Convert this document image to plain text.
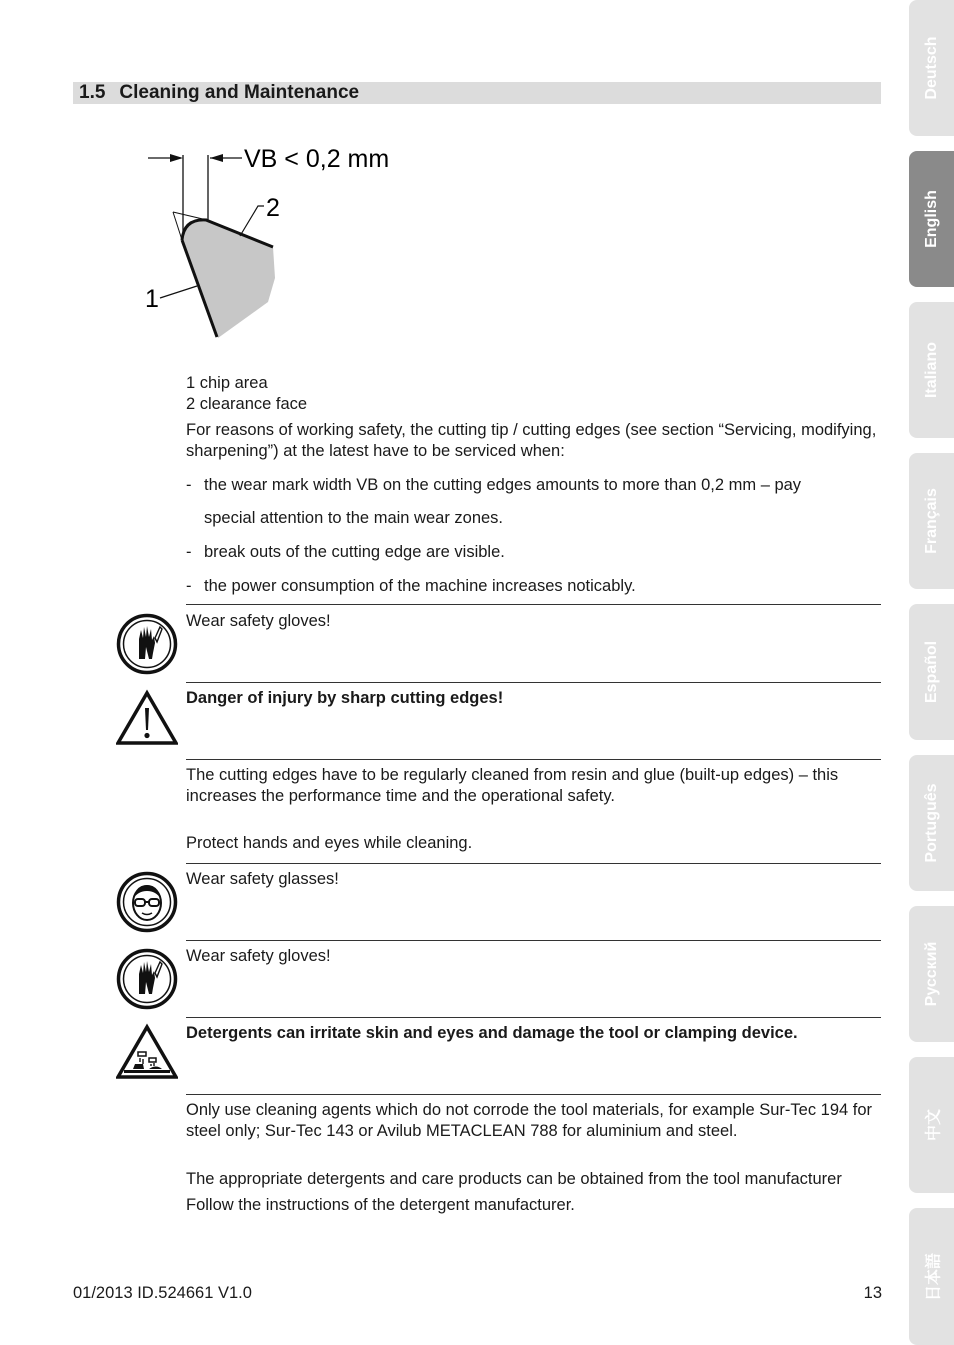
1.5 Cleaning and Maintenance
VB < 0,2 mm
2
1
1 chip area
2 clearance face
For reasons of working safety, the cutting tip / cutting edges (see section “Servicing, modifying, sharpening”) at the latest have to be serviced when:
- the wear mark width VB on the cutting edges amounts to more than 0,2 mm – pay
special attention to the main wear zones.
- break outs of the cutting edge are visible.
- the power consumption of the machine increases noticably.
Wear safety gloves!
Danger of injury by sharp cutting edges!
The cutting edges have to be regularly cleaned from resin and glue (built-up edges) – this increases the performance time and the operational safety.
Protect hands and eyes while cleaning.
Wear safety glasses!
Wear safety gloves!
Detergents can irritate skin and eyes and damage the tool or clamping device.
Only use cleaning agents which do not corrode the tool materials, for example Sur-Tec 194 for steel only; Sur-Tec 143 or Avilub METACLEAN 788 for aluminium and steel.
The appropriate detergents and care products can be obtained from the tool manufacturer
Follow the instructions of the detergent manufacturer.
01/2013 ID.524661 V1.0	13
Deutsch
English
Italiano
Français
Español
Português
Русский
中文
日本語
